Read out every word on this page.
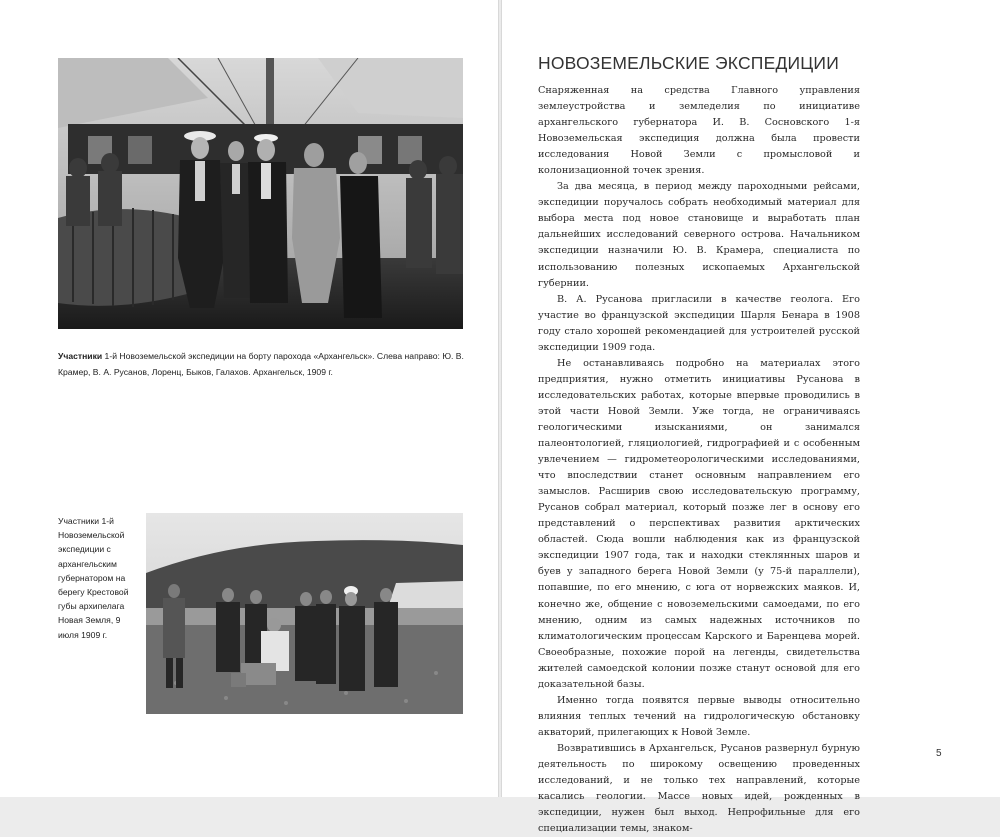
Участники 1-й Новоземельской экспедиции на борту парохода «Архангельск». Слева направо: Ю. В. Крамер, В. А. Русанов, Лоренц, Быков, Галахов. Архангельск, 1909 г.
Участники 1-й Новоземельской экспедиции с архангельским губернатором на берегу Крестовой губы архипелага Новая Земля, 9 июля 1909 г.
НОВОЗЕМЕЛЬСКИЕ ЭКСПЕДИЦИИ

Снаряженная на средства Главного управления землеустройства и земледелия по инициативе архангельского губернатора И. В. Сосновского 1-я Новоземельская экспедиция должна была провести исследования Новой Земли с промысловой и колонизационной точек зрения.

За два месяца, в период между пароходными рейсами, экспедиции поручалось собрать необходимый материал для выбора места под новое становище и выработать план дальнейших исследований северного острова. Начальником экспедиции назначили Ю. В. Крамера, специалиста по использованию полезных ископаемых Архангельской губернии.

В. А. Русанова пригласили в качестве геолога. Его участие во французской экспедиции Шарля Бенара в 1908 году стало хорошей рекомендацией для устроителей русской экспедиции 1909 года.

Не останавливаясь подробно на материалах этого предприятия, нужно отметить инициативы Русанова в исследовательских работах, которые впервые проводились в этой части Новой Земли. Уже тогда, не ограничиваясь геологическими изысканиями, он занимался палеонтологией, гляциологией, гидрографией и с особенным увлечением — гидрометеорологическими исследованиями, что впоследствии станет основным направлением его замыслов. Расширив свою исследовательскую программу, Русанов собрал материал, который позже лег в основу его представлений о перспективах развития арктических областей. Сюда вошли наблюдения как из французской экспедиции 1907 года, так и находки стеклянных шаров и буев у западного берега Новой Земли (у 75-й параллели), попавшие, по его мнению, с юга от норвежских маяков. И, конечно же, общение с новоземельскими самоедами, по его мнению, одним из самых надежных источников по климатологическим процессам Карского и Баренцева морей. Своеобразные, похожие порой на легенды, свидетельства жителей самоедской колонии позже станут основой для его доказательной базы.

Именно тогда появятся первые выводы относительно влияния теплых течений на гидрологическую обстановку акваторий, прилегающих к Новой Земле.

Возвратившись в Архангельск, Русанов развернул бурную деятельность по широкому освещению проведенных исследований, и не только тех направлений, которые касались геологии. Массе новых идей, рожденных в экспедиции, нужен был выход. Непрофильные для его специализации темы, знаком-

5
